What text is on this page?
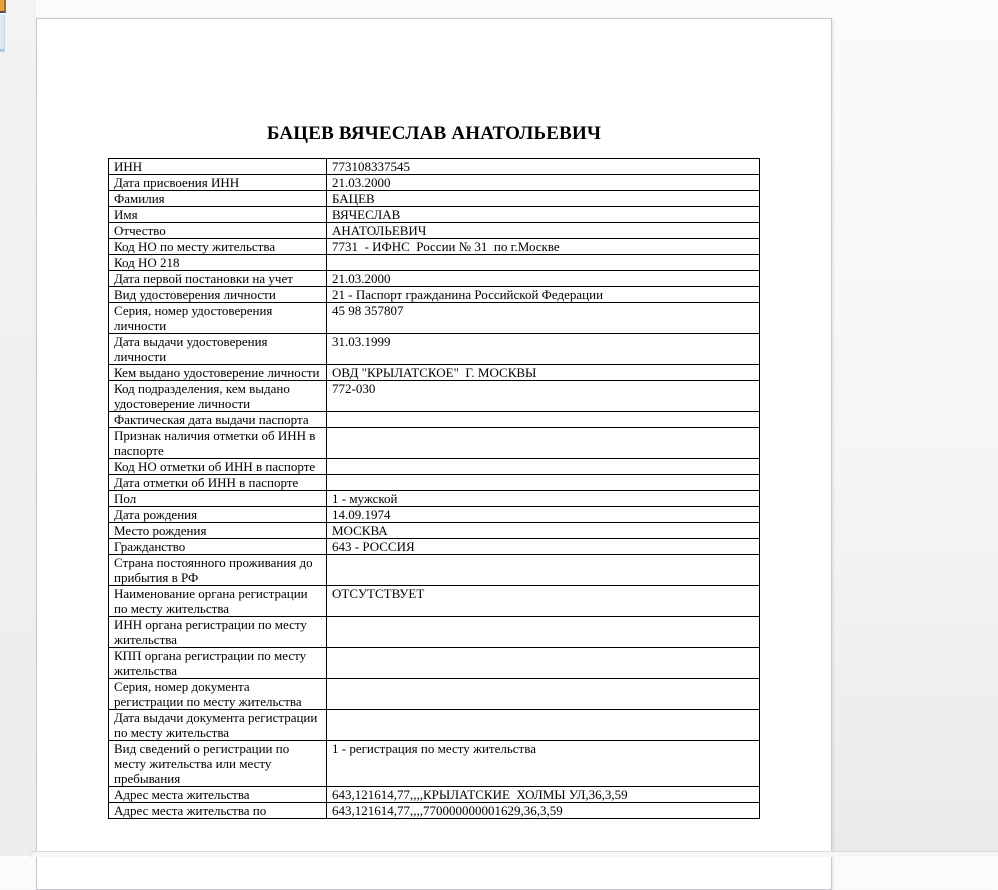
БАЦЕВ ВЯЧЕСЛАВ АНАТОЛЬЕВИЧ
ИНН	773108337545
Дата присвоения ИНН	21.03.2000
Фамилия	БАЦЕВ
Имя	ВЯЧЕСЛАВ
Отчество	АНАТОЛЬЕВИЧ
Код НО по месту жительства	7731  - ИФНС  России № 31  по г.Москве
Код НО 218	
Дата первой постановки на учет	21.03.2000
Вид удостоверения личности	21 - Паспорт гражданина Российской Федерации
Серия, номер удостоверения личности	45 98 357807
Дата выдачи удостоверения личности	31.03.1999
Кем выдано удостоверение личности	ОВД "КРЫЛАТСКОЕ"  Г. МОСКВЫ
Код подразделения, кем выдано удостоверение личности	772-030
Фактическая дата выдачи паспорта	
Признак наличия отметки об ИНН в паспорте	
Код НО отметки об ИНН в паспорте	
Дата отметки об ИНН в паспорте	
Пол	1 - мужской
Дата рождения	14.09.1974
Место рождения	МОСКВА
Гражданство	643 - РОССИЯ
Страна постоянного проживания до прибытия в РФ	
Наименование органа регистрации по месту жительства	ОТСУТСТВУЕТ
ИНН органа регистрации по месту жительства	
КПП органа регистрации по месту жительства	
Серия, номер документа регистрации по месту жительства	
Дата выдачи документа регистрации по месту жительства	
Вид сведений о регистрации по месту жительства или месту пребывания	1 - регистрация по месту жительства
Адрес места жительства	643,121614,77,,,,КРЫЛАТСКИЕ  ХОЛМЫ УЛ,36,3,59
Адрес места жительства по	643,121614,77,,,,770000000001629,36,3,59
